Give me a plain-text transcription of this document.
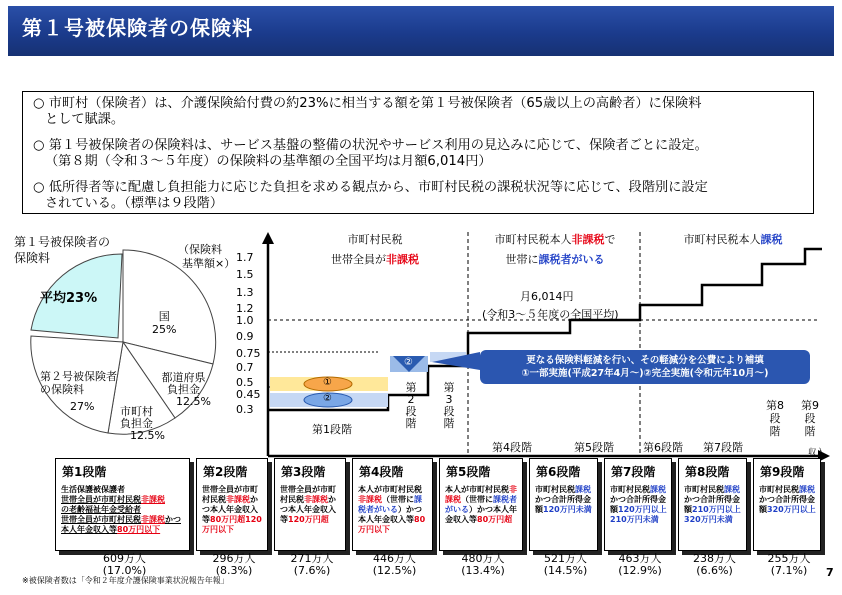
第１号被保険者の保険料
○ 市町村（保険者）は、介護保険給付費の約23%に相当する額を第１号被保険者（65歳以上の高齢者）に保険料
として賦課。
○ 第１号被保険者の保険料は、サービス基盤の整備の状況やサービス利用の見込みに応じて、保険者ごとに設定。
（第８期（令和３～５年度）の保険料の基準額の全国平均は月額6,014円）
○ 低所得者等に配慮し負担能力に応じた負担を求める観点から、市町村民税の課税状況等に応じて、段階別に設定
されている。（標準は９段階）
第１号被保険者の
保険料
平均23%
国
25%
都道府県
負担金
12.5%
市町村
負担金
12.5%
第２号被保険者
の保険料
27%
（保険料
基準額×） 1.7
1.5
1.3
1.2
1.0
0.9
0.75
0.7
0.5
0.45
0.3
①
②
②	更なる保険料軽減を行い、その軽減分を公費により補填
①一部実施(平成27年4月～)②完全実施(令和元年10月～)
市町村民税
世帯全員が非課税
市町村民税本人非課税で
世帯に課税者がいる
市町村民税本人課税
月6,014円
(令和3～５年度の全国平均)
第1段階
第
2
段
階
第
3
段
階
第4段階	第5段階	第6段階 第7段階
第8
段階
第9
段階
収入
第1段階
生活保護被保護者
世帯全員が市町村民税非課税
の老齢福祉年金受給者
世帯全員が市町村民税非課税かつ本人年金収入等80万円以下
609万人
(17.0%)
第2段階
世帯全員が市町村民税非課税かつ本人年金収入等80万円超120万円以下
296万人
(8.3%)
第3段階
世帯全員が市町村民税非課税かつ本人年金収入等120万円超
271万人
(7.6%)
第4段階
本人が市町村民税非課税（世帯に課税者がいる）かつ本人年金収入等80万円以下
446万人
(12.5%)
第5段階
本人が市町村民税非課税（世帯に課税者がいる）かつ本人年金収入等80万円超
480万人
(13.4%)
第6段階
市町村民税課税かつ合計所得金額120万円未満
521万人
(14.5%)
第7段階
市町村民税課税かつ合計所得金額120万円以上210万円未満
463万人
(12.9%)
第8段階
市町村民税課税かつ合計所得金額210万円以上320万円未満
238万人
(6.6%)
第9段階
市町村民税課税かつ合計所得金額320万円以上
255万人
(7.1%)
※被保険者数は「令和２年度介護保険事業状況報告年報」
7
